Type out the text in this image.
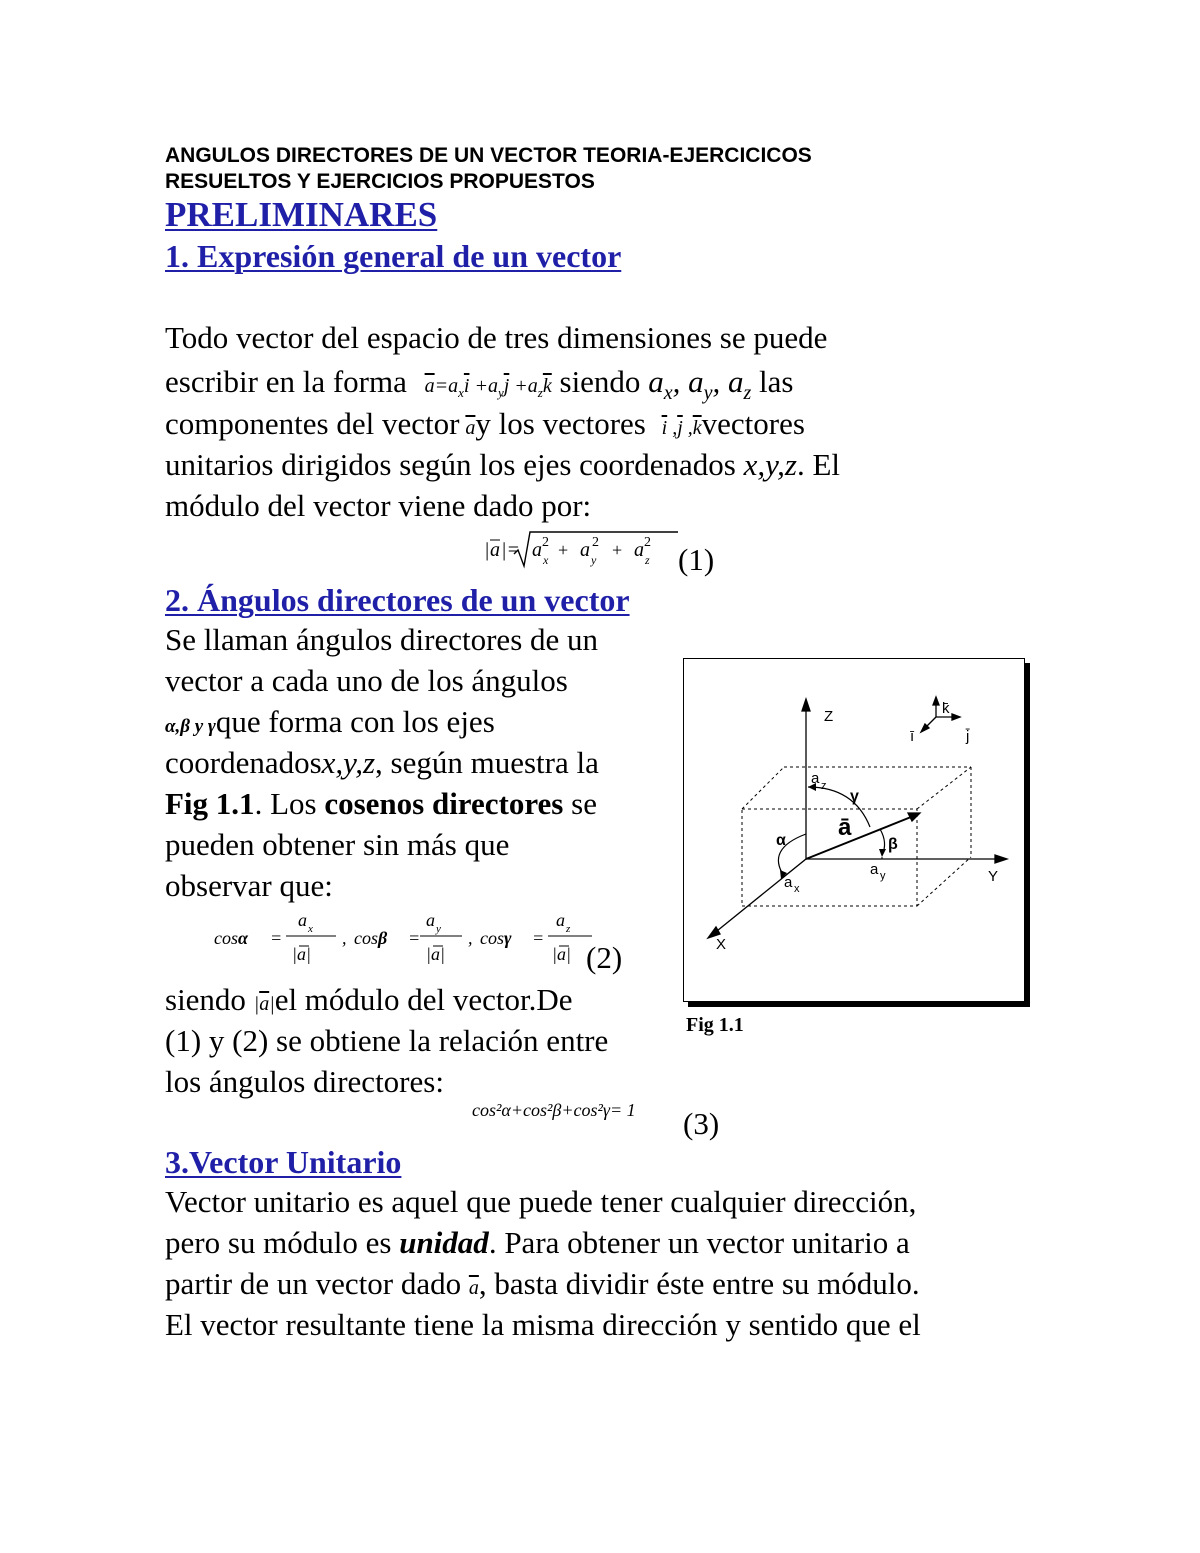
ANGULOS DIRECTORES DE UN VECTOR TEORIA-EJERCICICOS
RESUELTOS Y EJERCICIOS PROPUESTOS
PRELIMINARES
1. Expresión general de un vector
Todo vector del espacio de tres dimensiones se puede
escribir en la forma $\overline{a}=a_x\overline{i} +a_y\overline{j} +a_z\overline{k}$ siendo $a_x$, $a_y$, $a_z$ las
componentes del vector $\overline{a}y$ los vectores $\overline{i}$ $,\overline{j}$ $,\overline{k}vectores$
unitarios dirigidos según los ejes coordenados x,y,z. El
módulo del vector viene dado por:
| a |= a x
2 + a y
2 + a z
2 (1)
2. Ángulos directores de un vector
Se llaman ángulos directores de un
vector a cada uno de los ángulos
α,β y γque forma con los ejes
coordenadosx,y,z, según muestra la
Fig 1.1. Los cosenos directores se
pueden obtener sin más que
observar que:
cosα =
a x
|a|
, cosβ =
a y
|a|
, cosγ =
a z
|a| (2)
siendo $|\overline{a}|el$ módulo del vector.De
(1) y (2) se obtiene la relación entre
los ángulos directores:
cos²α+cos²β+cos²γ= 1 (3)
Z
Y
X
ī	j̄
k̄
a z
a y
a x
ā
α	β
γ
Fig 1.1
3.Vector Unitario
Vector unitario es aquel que puede tener cualquier dirección,
pero su módulo es unidad. Para obtener un vector unitario a
partir de un vector dado $\overline{a}$, basta dividir éste entre su módulo.
El vector resultante tiene la misma dirección y sentido que el
